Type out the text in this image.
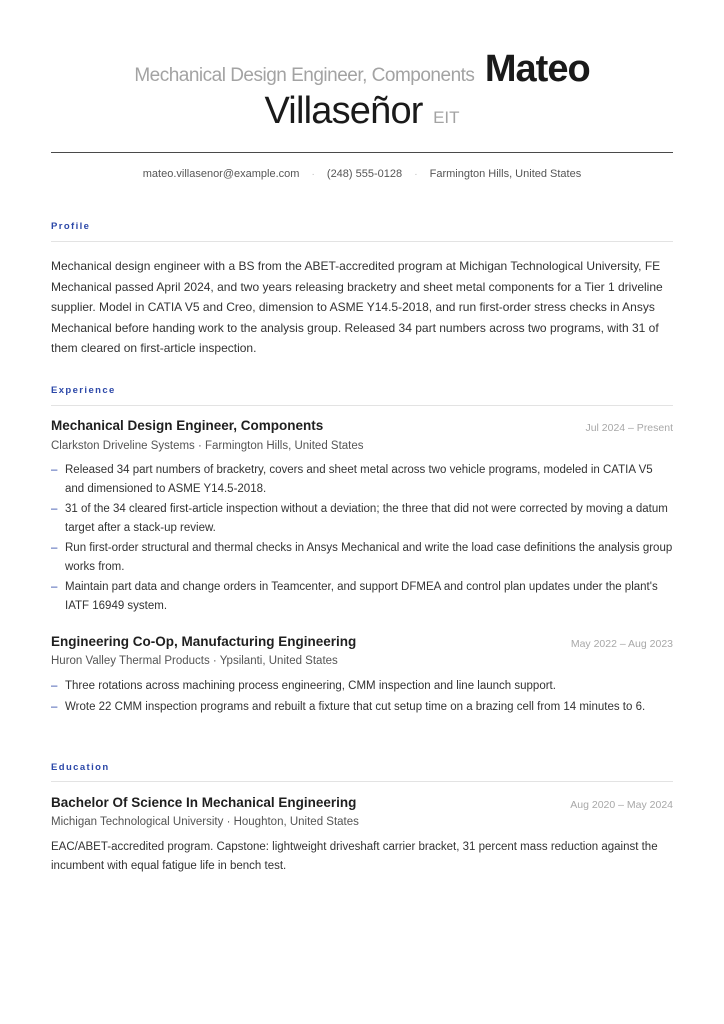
Mechanical Design Engineer, Components Mateo
Villaseñor EIT
mateo.villasenor@example.com · (248) 555-0128 · Farmington Hills, United States
Profile
Mechanical design engineer with a BS from the ABET-accredited program at Michigan Technological University, FE Mechanical passed April 2024, and two years releasing bracketry and sheet metal components for a Tier 1 driveline supplier. Model in CATIA V5 and Creo, dimension to ASME Y14.5-2018, and run first-order stress checks in Ansys Mechanical before handing work to the analysis group. Released 34 part numbers across two programs, with 31 of them cleared on first-article inspection.
Experience
Mechanical Design Engineer, Components	Jul 2024 – Present
Clarkston Driveline Systems · Farmington Hills, United States
– Released 34 part numbers of bracketry, covers and sheet metal across two vehicle programs, modeled in CATIA V5 and dimensioned to ASME Y14.5-2018.
– 31 of the 34 cleared first-article inspection without a deviation; the three that did not were corrected by moving a datum target after a stack-up review.
– Run first-order structural and thermal checks in Ansys Mechanical and write the load case definitions the analysis group works from.
– Maintain part data and change orders in Teamcenter, and support DFMEA and control plan updates under the plant's IATF 16949 system.
Engineering Co-Op, Manufacturing Engineering	May 2022 – Aug 2023
Huron Valley Thermal Products · Ypsilanti, United States
– Three rotations across machining process engineering, CMM inspection and line launch support.
– Wrote 22 CMM inspection programs and rebuilt a fixture that cut setup time on a brazing cell from 14 minutes to 6.
Education
Bachelor Of Science In Mechanical Engineering	Aug 2020 – May 2024
Michigan Technological University · Houghton, United States
EAC/ABET-accredited program. Capstone: lightweight driveshaft carrier bracket, 31 percent mass reduction against the incumbent with equal fatigue life in bench test.
